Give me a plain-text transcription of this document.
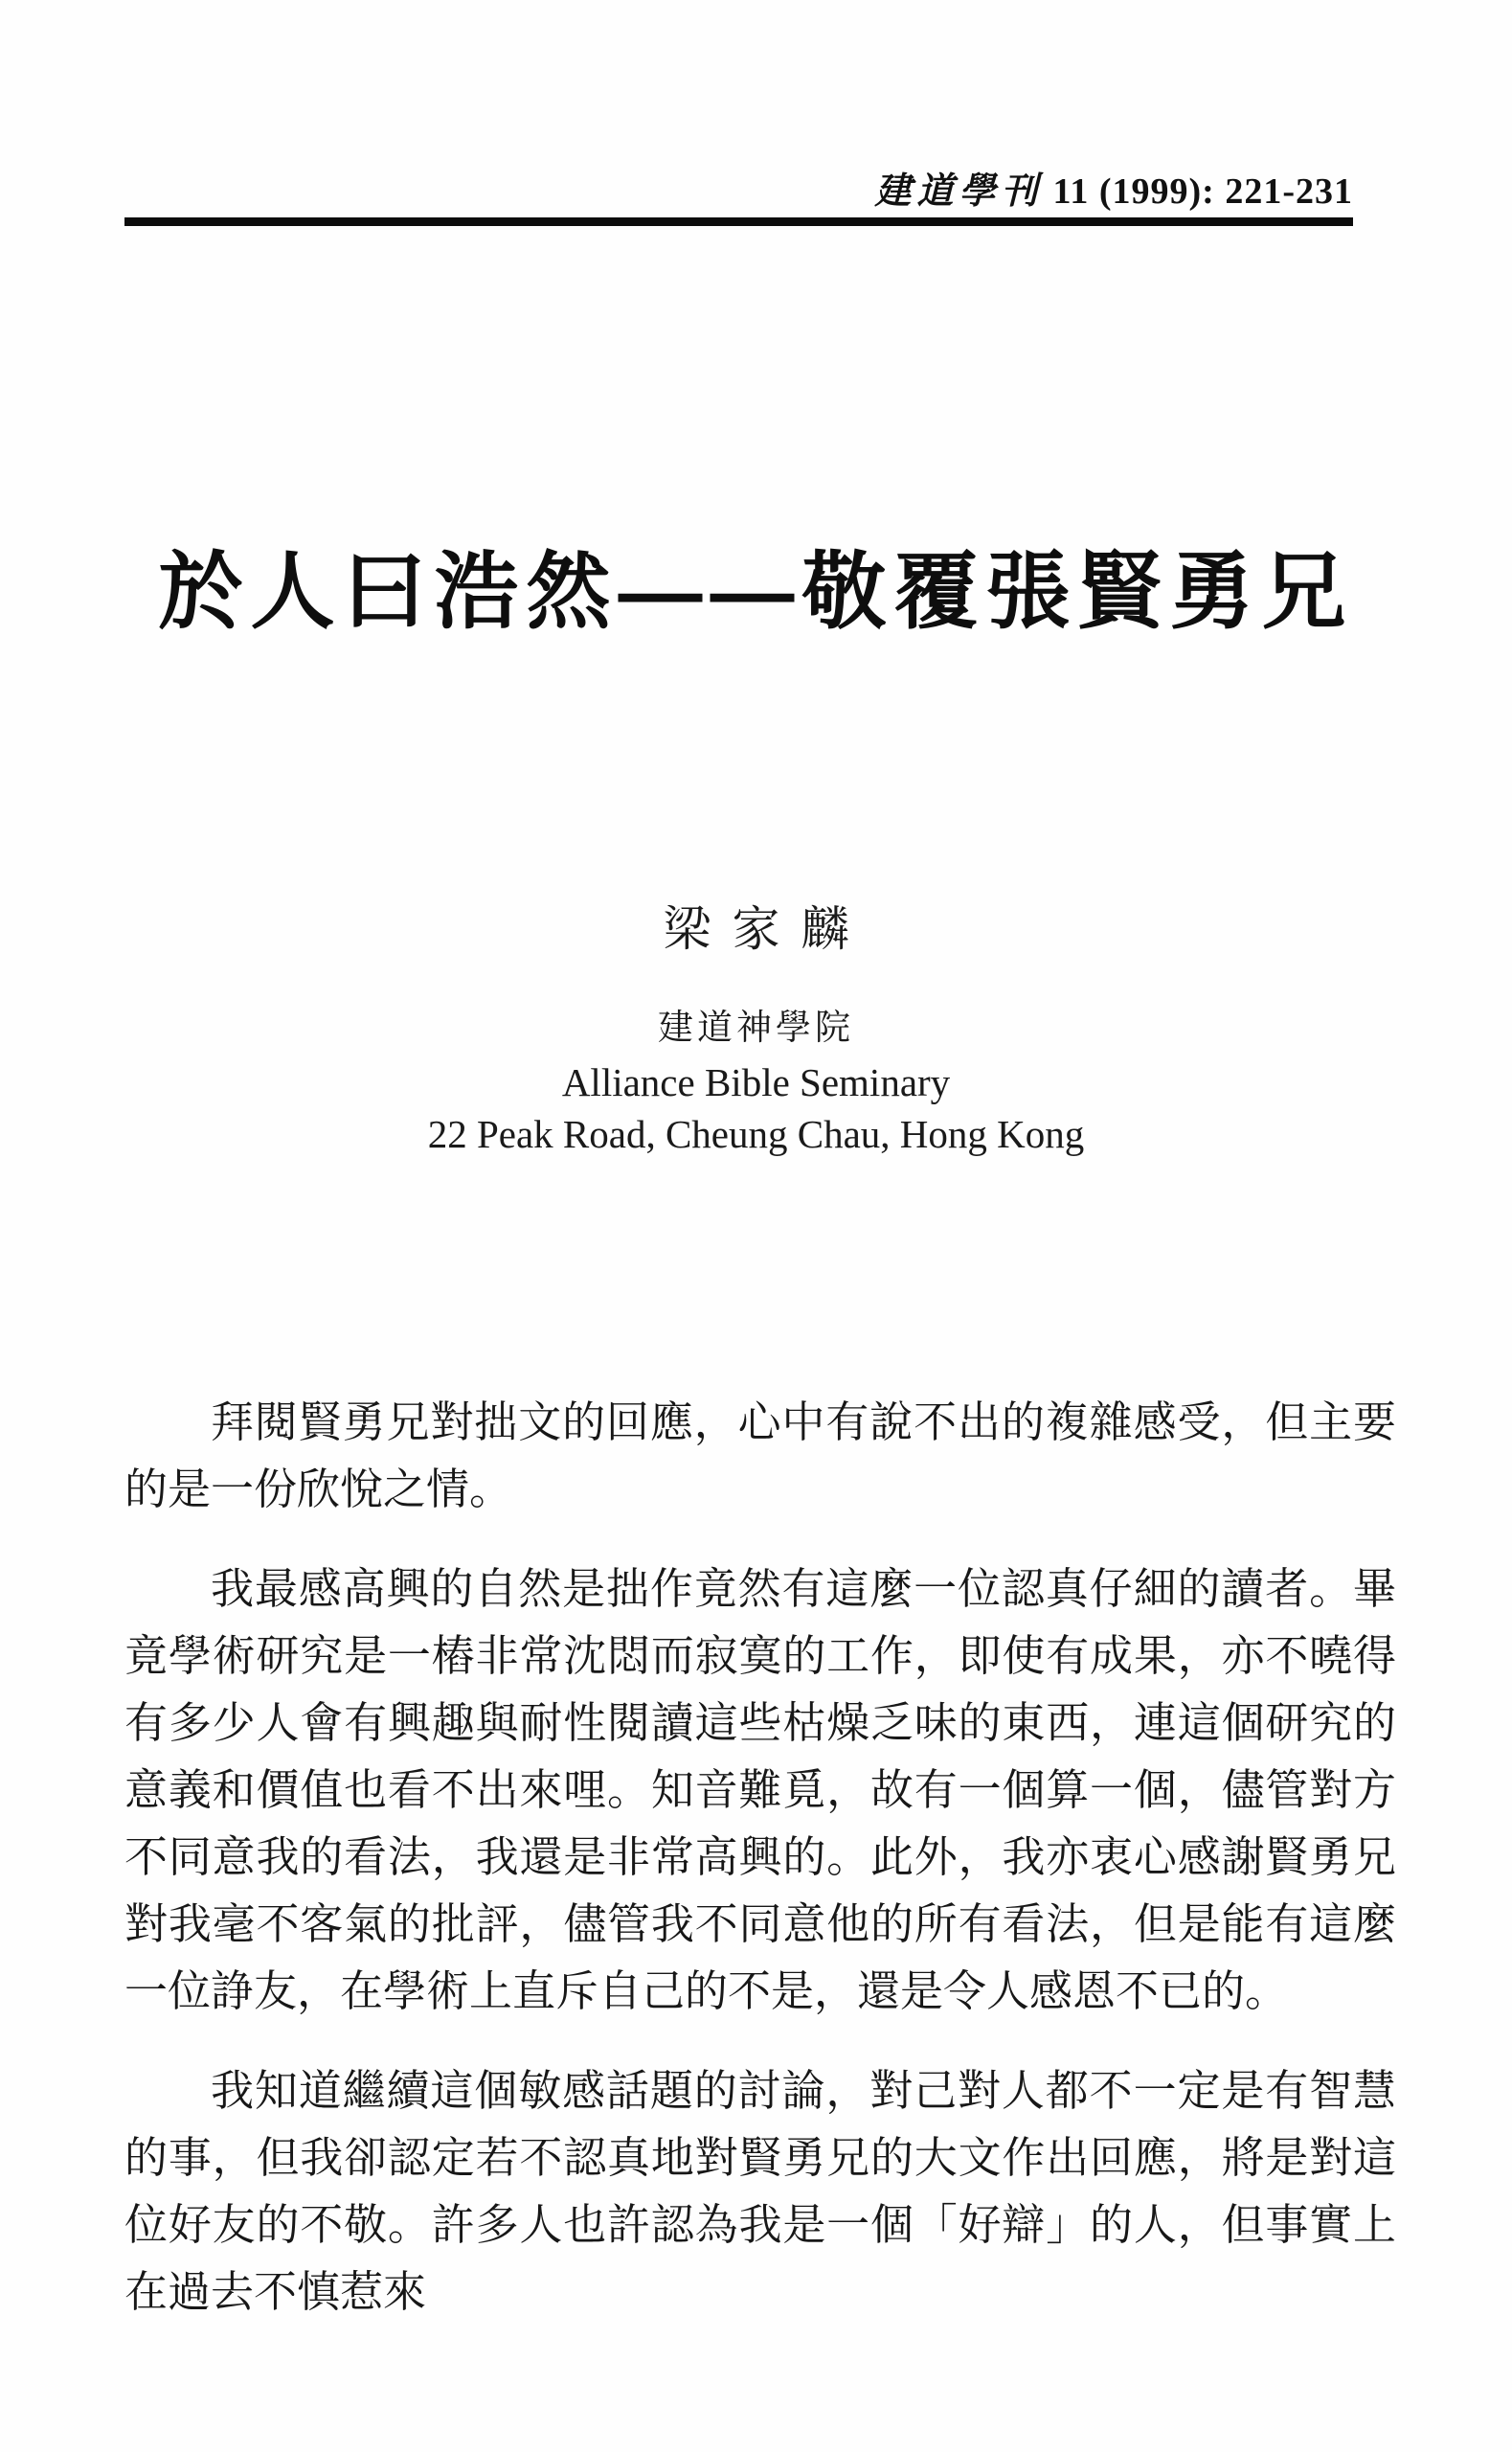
建道學刊 11 (1999): 221-231
於人曰浩然——敬覆張賢勇兄
梁家麟
建道神學院
Alliance Bible Seminary
22 Peak Road, Cheung Chau, Hong Kong

拜閱賢勇兄對拙文的回應，心中有說不出的複雜感受，但主要的是一份欣悅之情。

我最感高興的自然是拙作竟然有這麼一位認真仔細的讀者。畢竟學術研究是一樁非常沈悶而寂寞的工作，即使有成果，亦不曉得有多少人會有興趣與耐性閱讀這些枯燥乏味的東西，連這個研究的意義和價值也看不出來哩。知音難覓，故有一個算一個，儘管對方不同意我的看法，我還是非常高興的。此外，我亦衷心感謝賢勇兄對我毫不客氣的批評，儘管我不同意他的所有看法，但是能有這麼一位諍友，在學術上直斥自己的不是，還是令人感恩不已的。

我知道繼續這個敏感話題的討論，對己對人都不一定是有智慧的事，但我卻認定若不認真地對賢勇兄的大文作出回應，將是對這位好友的不敬。許多人也許認為我是一個「好辯」的人，但事實上在過去不慎惹來
